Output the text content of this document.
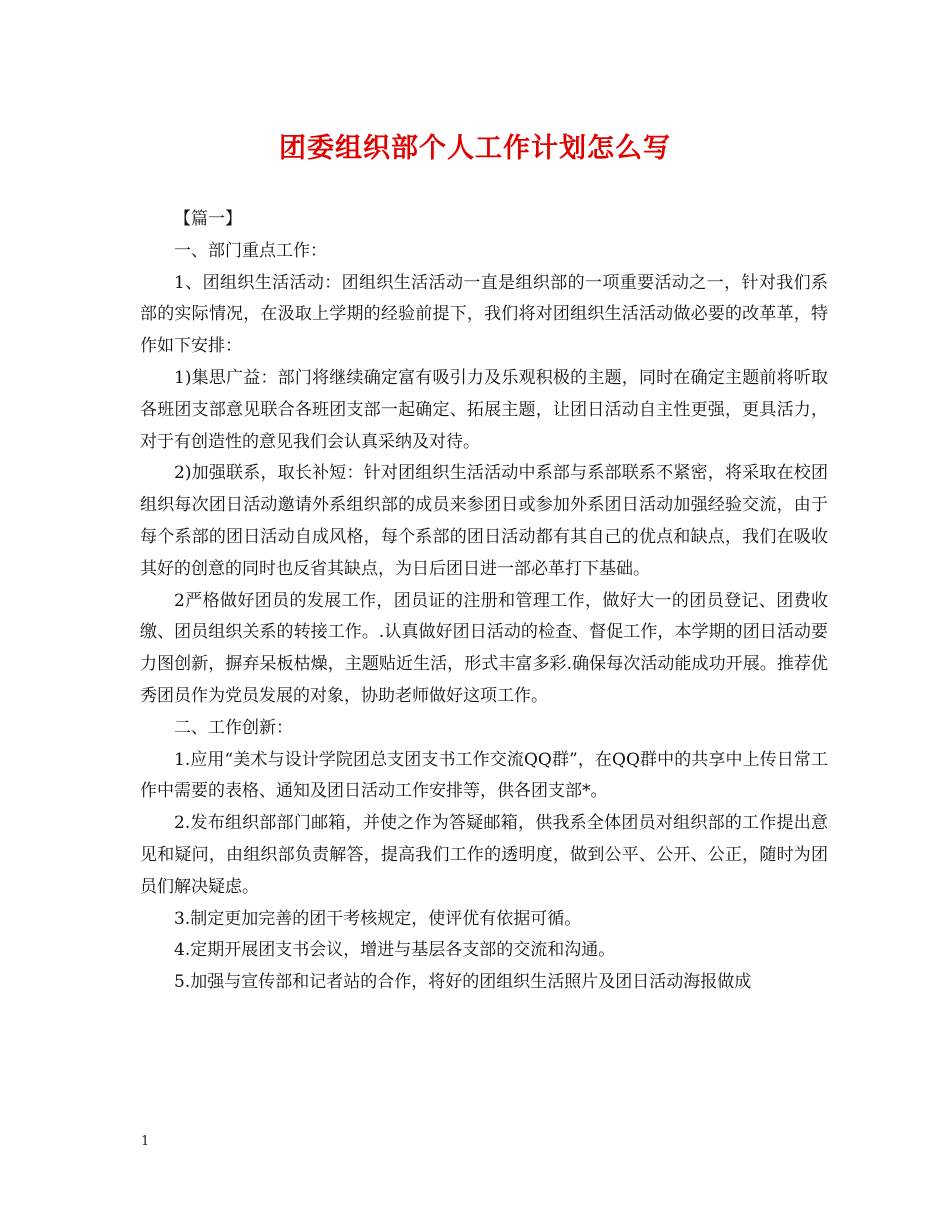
团委组织部个人工作计划怎么写

【篇一】

一、部门重点工作：

1、团组织生活活动：团组织生活活动一直是组织部的一项重要活动之一，针对我们系部的实际情况，在汲取上学期的经验前提下，我们将对团组织生活活动做必要的改革革，特作如下安排：

1)集思广益：部门将继续确定富有吸引力及乐观积极的主题，同时在确定主题前将听取各班团支部意见联合各班团支部一起确定、拓展主题，让团日活动自主性更强，更具活力，对于有创造性的意见我们会认真采纳及对待。

2)加强联系，取长补短：针对团组织生活活动中系部与系部联系不紧密，将采取在校团组织每次团日活动邀请外系组织部的成员来参团日或参加外系团日活动加强经验交流，由于每个系部的团日活动自成风格，每个系部的团日活动都有其自己的优点和缺点，我们在吸收其好的创意的同时也反省其缺点，为日后团日进一部必革打下基础。

2严格做好团员的发展工作，团员证的注册和管理工作，做好大一的团员登记、团费收缴、团员组织关系的转接工作。.认真做好团日活动的检查、督促工作，本学期的团日活动要力图创新，摒弃呆板枯燥，主题贴近生活，形式丰富多彩.确保每次活动能成功开展。推荐优秀团员作为党员发展的对象，协助老师做好这项工作。

二、工作创新：

1.应用“美术与设计学院团总支团支书工作交流QQ群”，在QQ群中的共享中上传日常工作中需要的表格、通知及团日活动工作安排等，供各团支部*。

2.发布组织部部门邮箱，并使之作为答疑邮箱，供我系全体团员对组织部的工作提出意见和疑问，由组织部负责解答，提高我们工作的透明度，做到公平、公开、公正，随时为团员们解决疑虑。

3.制定更加完善的团干考核规定，使评优有依据可循。

4.定期开展团支书会议，增进与基层各支部的交流和沟通。

5.加强与宣传部和记者站的合作，将好的团组织生活照片及团日活动海报做成

1
